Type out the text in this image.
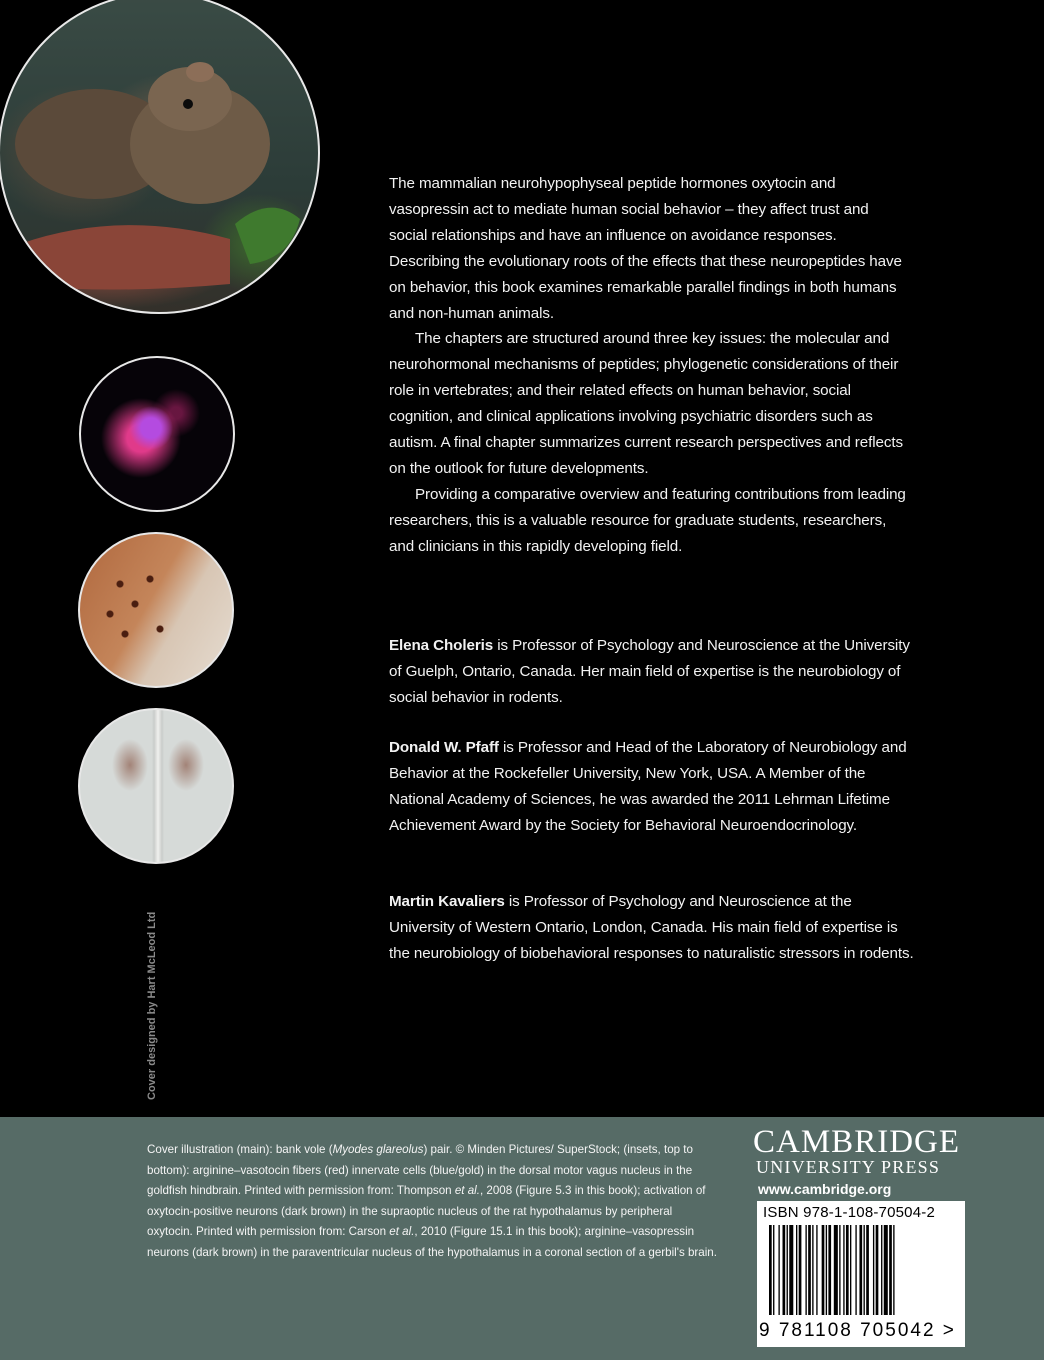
Cover designed by Hart McLeod Ltd

The mammalian neurohypophyseal peptide hormones oxytocin and vasopressin act to mediate human social behavior – they affect trust and social relationships and have an influence on avoidance responses. Describing the evolutionary roots of the effects that these neuropeptides have on behavior, this book examines remarkable parallel findings in both humans and non-human animals.

The chapters are structured around three key issues: the molecular and neurohormonal mechanisms of peptides; phylogenetic considerations of their role in vertebrates; and their related effects on human behavior, social cognition, and clinical applications involving psychiatric disorders such as autism. A final chapter summarizes current research perspectives and reflects on the outlook for future developments.

Providing a comparative overview and featuring contributions from leading researchers, this is a valuable resource for graduate students, researchers, and clinicians in this rapidly developing field.

Elena Choleris is Professor of Psychology and Neuroscience at the University of Guelph, Ontario, Canada. Her main field of expertise is the neurobiology of social behavior in rodents.

Donald W. Pfaff is Professor and Head of the Laboratory of Neurobiology and Behavior at the Rockefeller University, New York, USA. A Member of the National Academy of Sciences, he was awarded the 2011 Lehrman Lifetime Achievement Award by the Society for Behavioral Neuroendocrinology.

Martin Kavaliers is Professor of Psychology and Neuroscience at the University of Western Ontario, London, Canada. His main field of expertise is the neurobiology of biobehavioral responses to naturalistic stressors in rodents.

Cover illustration (main): bank vole (Myodes glareolus) pair. © Minden Pictures/ SuperStock; (insets, top to bottom): arginine–vasotocin fibers (red) innervate cells (blue/gold) in the dorsal motor vagus nucleus in the goldfish hindbrain. Printed with permission from: Thompson et al., 2008 (Figure 5.3 in this book); activation of oxytocin-positive neurons (dark brown) in the supraoptic nucleus of the rat hypothalamus by peripheral oxytocin. Printed with permission from: Carson et al., 2010 (Figure 15.1 in this book); arginine–vasopressin neurons (dark brown) in the paraventricular nucleus of the hypothalamus in a coronal section of a gerbil's brain.

CAMBRIDGE
UNIVERSITY PRESS
www.cambridge.org
ISBN 978-1-108-70504-2
9 781108 705042 >
